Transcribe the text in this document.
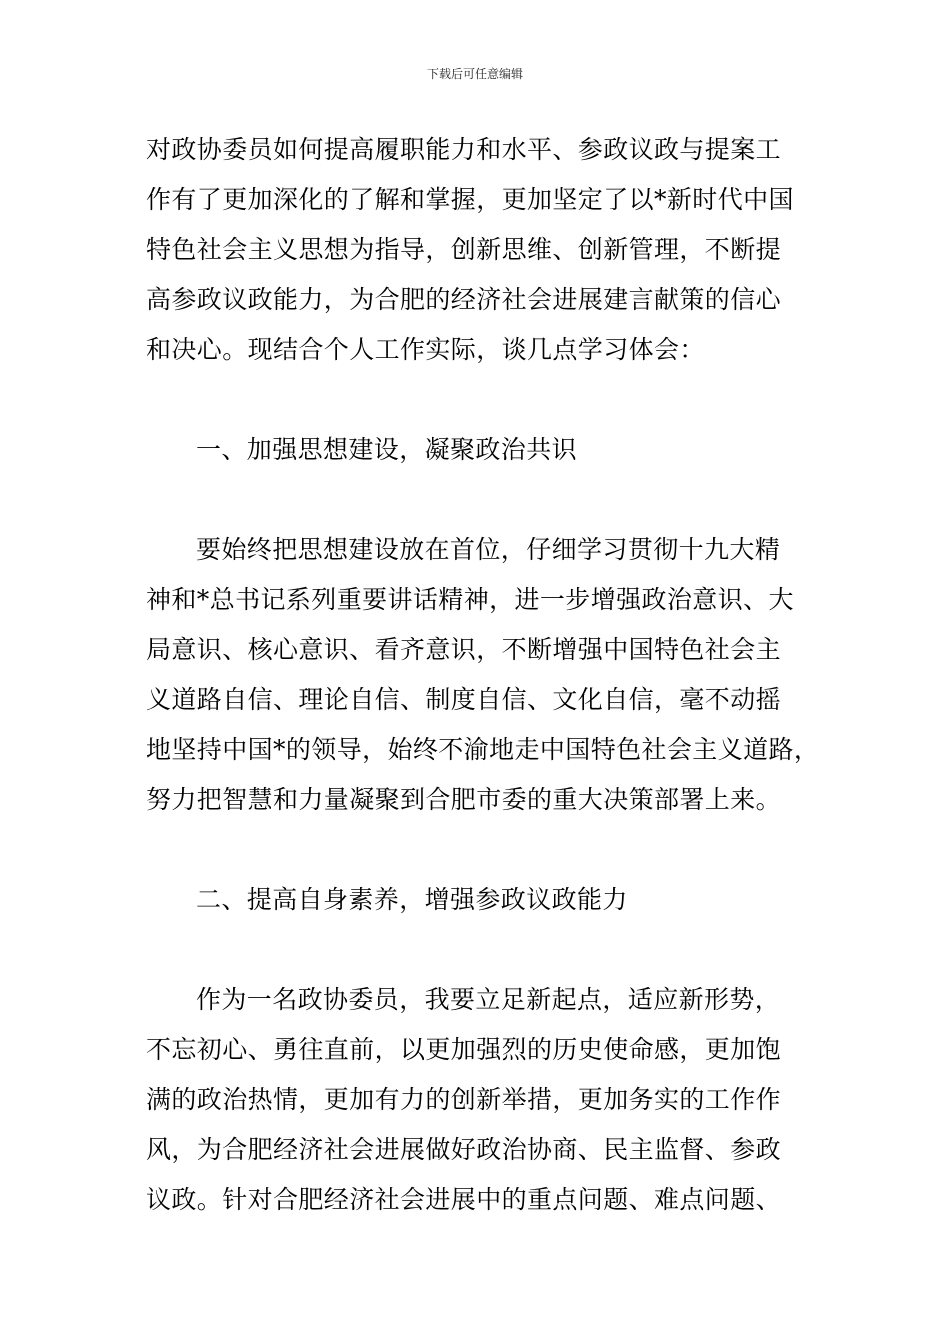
下载后可任意编辑
对政协委员如何提高履职能力和水平、参政议政与提案工
作有了更加深化的了解和掌握，更加坚定了以*新时代中国
特色社会主义思想为指导，创新思维、创新管理，不断提
高参政议政能力，为合肥的经济社会进展建言献策的信心
和决心。现结合个人工作实际，谈几点学习体会：
一、加强思想建设，凝聚政治共识
要始终把思想建设放在首位，仔细学习贯彻十九大精
神和*总书记系列重要讲话精神，进一步增强政治意识、大
局意识、核心意识、看齐意识，不断增强中国特色社会主
义道路自信、理论自信、制度自信、文化自信，毫不动摇
地坚持中国*的领导，始终不渝地走中国特色社会主义道路，
努力把智慧和力量凝聚到合肥市委的重大决策部署上来。
二、提高自身素养，增强参政议政能力
作为一名政协委员，我要立足新起点，适应新形势，
不忘初心、勇往直前，以更加强烈的历史使命感，更加饱
满的政治热情，更加有力的创新举措，更加务实的工作作
风，为合肥经济社会进展做好政治协商、民主监督、参政
议政。针对合肥经济社会进展中的重点问题、难点问题、
